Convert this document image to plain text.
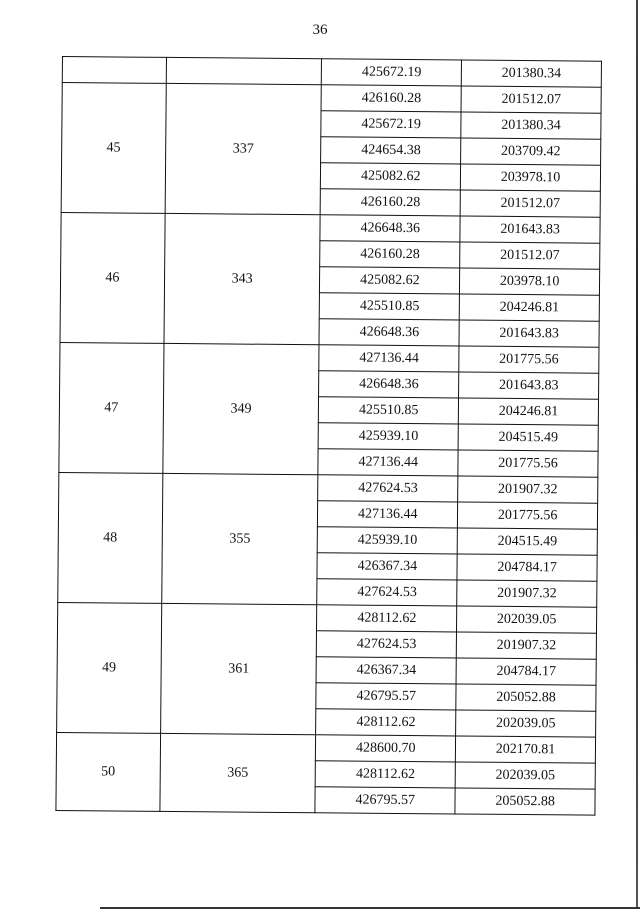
36
		425672.19	201380.34
45	337	426160.28	201512.07
		425672.19	201380.34
		424654.38	203709.42
		425082.62	203978.10
		426160.28	201512.07
46	343	426648.36	201643.83
		426160.28	201512.07
		425082.62	203978.10
		425510.85	204246.81
		426648.36	201643.83
47	349	427136.44	201775.56
		426648.36	201643.83
		425510.85	204246.81
		425939.10	204515.49
		427136.44	201775.56
48	355	427624.53	201907.32
		427136.44	201775.56
		425939.10	204515.49
		426367.34	204784.17
		427624.53	201907.32
49	361	428112.62	202039.05
		427624.53	201907.32
		426367.34	204784.17
		426795.57	205052.88
		428112.62	202039.05
50	365	428600.70	202170.81
		428112.62	202039.05
		426795.57	205052.88
